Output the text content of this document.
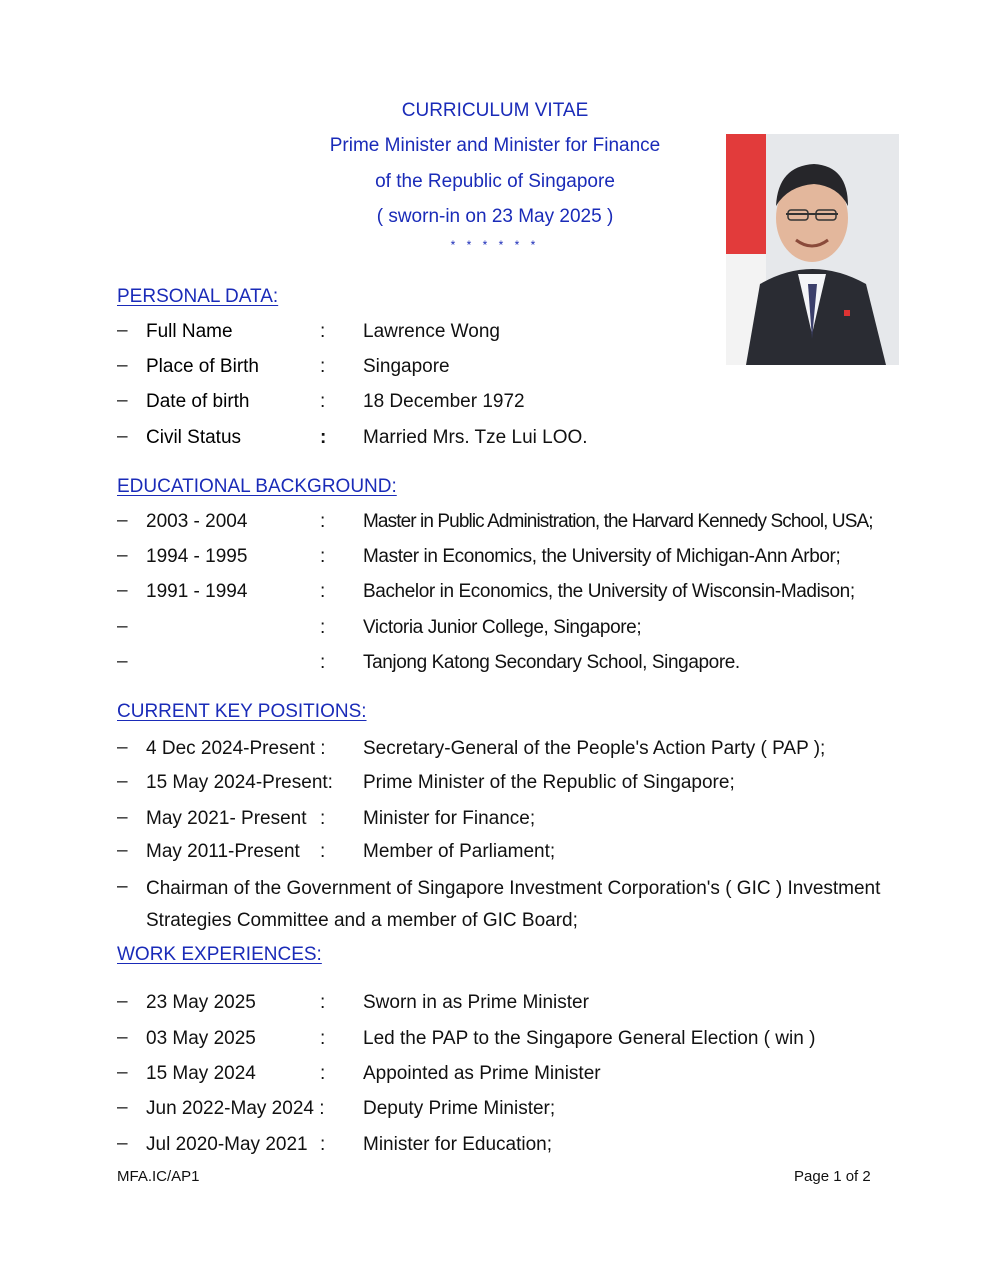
CURRICULUM VITAE
Prime Minister and Minister for Finance
of the Republic of Singapore
( sworn-in on 23 May 2025 )
* * * * * *
PERSONAL DATA:
– Full Name	: Lawrence Wong
– Place of Birth	: Singapore
– Date of birth	: 18 December 1972
– Civil Status	: Married Mrs. Tze Lui LOO.
EDUCATIONAL BACKGROUND:
– 2003 - 2004	: Master in Public Administration, the Harvard Kennedy School, USA;
– 1994 - 1995	: Master in Economics, the University of Michigan-Ann Arbor;
– 1991 - 1994	: Bachelor in Economics, the University of Wisconsin-Madison;
–	: Victoria Junior College, Singapore;
–	: Tanjong Katong Secondary School, Singapore.
CURRENT KEY POSITIONS:
– 4 Dec 2024-Present : Secretary-General of the People's Action Party ( PAP );
– 15 May 2024-Present: Prime Minister of the Republic of Singapore;
– May 2021- Present : Minister for Finance;
– May 2011-Present : Member of Parliament;
– Chairman of the Government of Singapore Investment Corporation's ( GIC ) Investment Strategies Committee and a member of GIC Board;
WORK EXPERIENCES:
– 23 May 2025	: Sworn in as Prime Minister
– 03 May 2025	: Led the PAP to the Singapore General Election ( win )
– 15 May 2024	: Appointed as Prime Minister
– Jun 2022-May 2024 : Deputy Prime Minister;
– Jul 2020-May 2021 : Minister for Education;
MFA.IC/AP1	Page 1 of 2
